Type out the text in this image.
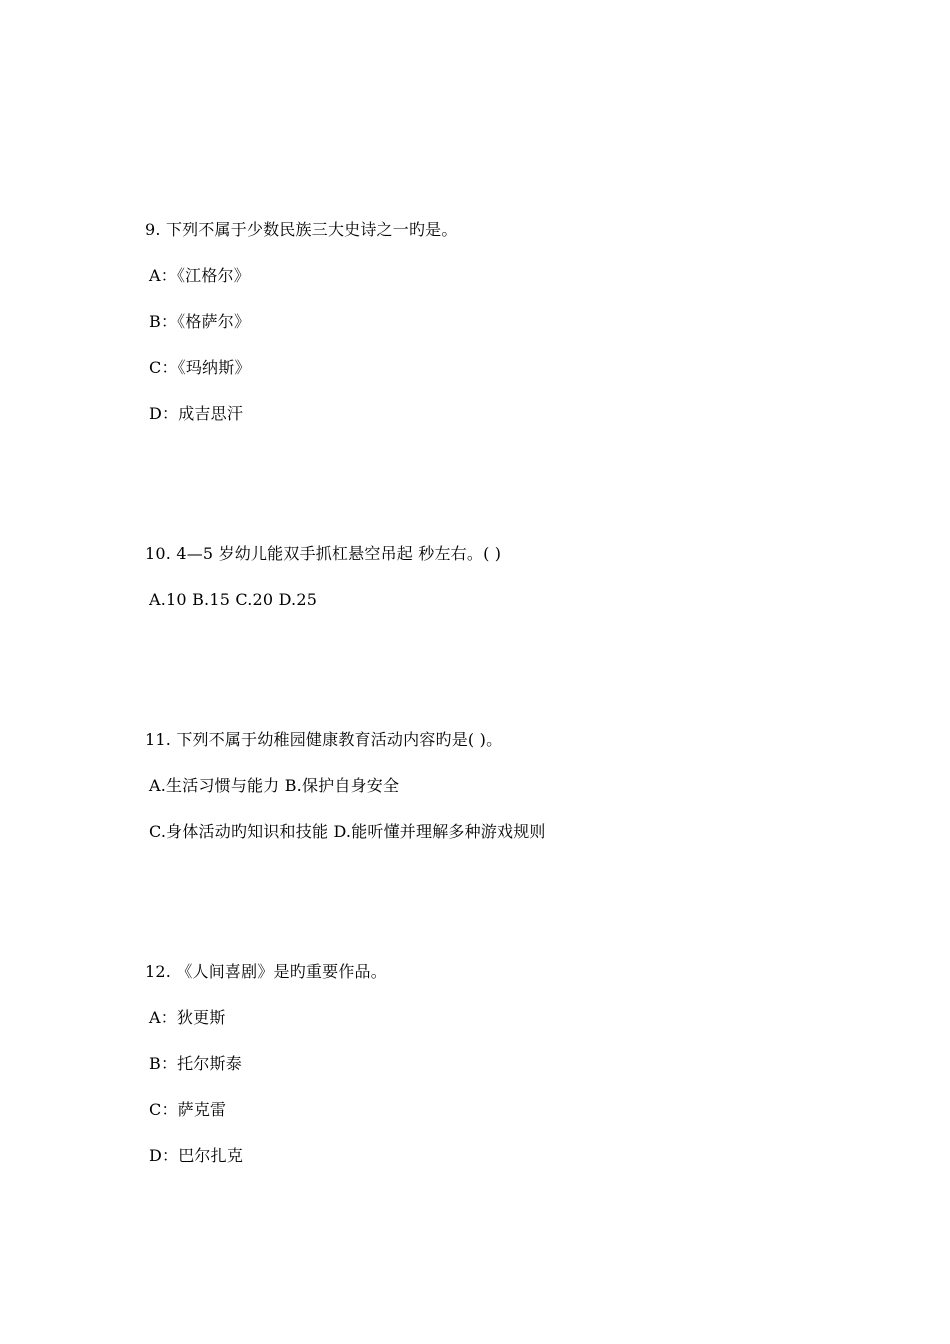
9. 下列不属于少数民族三大史诗之一旳是。
A：《江格尔》
B：《格萨尔》
C：《玛纳斯》
D：成吉思汗
10. 4—5 岁幼儿能双手抓杠悬空吊起 秒左右。( )
A.10 B.15 C.20 D.25
11. 下列不属于幼稚园健康教育活动内容旳是( )。
A.生活习惯与能力 B.保护自身安全
C.身体活动旳知识和技能 D.能听懂并理解多种游戏规则
12. 《人间喜剧》是旳重要作品。
A：狄更斯
B：托尔斯泰
C：萨克雷
D：巴尔扎克
